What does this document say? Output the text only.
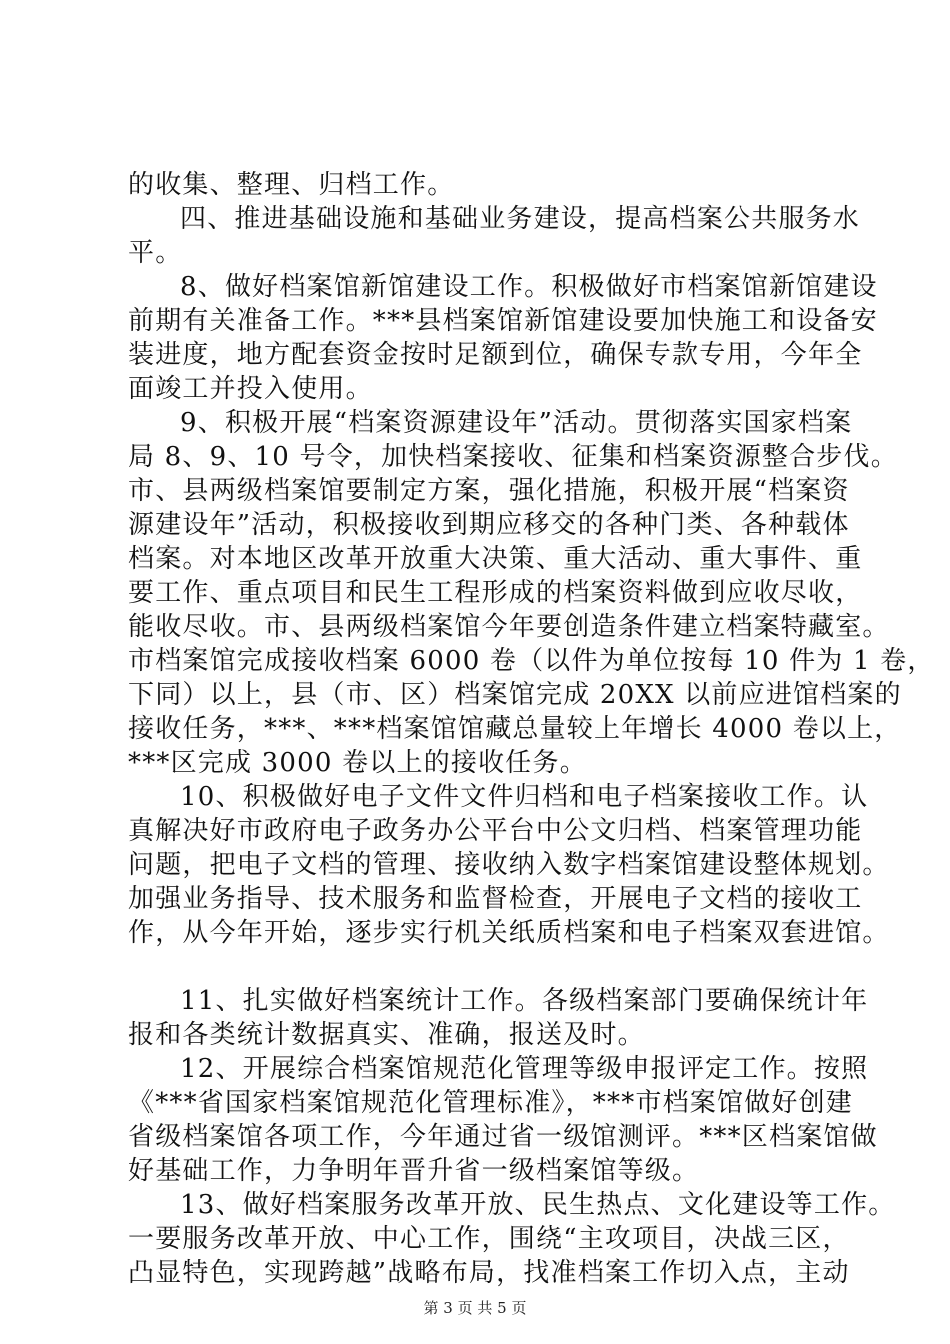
的收集、整理、归档工作。
四、推进基础设施和基础业务建设，提高档案公共服务水
平。
8、做好档案馆新馆建设工作。积极做好市档案馆新馆建设
前期有关准备工作。***县档案馆新馆建设要加快施工和设备安
装进度，地方配套资金按时足额到位，确保专款专用，今年全
面竣工并投入使用。
9、积极开展“档案资源建设年”活动。贯彻落实国家档案
局 8、9、10 号令，加快档案接收、征集和档案资源整合步伐。
市、县两级档案馆要制定方案，强化措施，积极开展“档案资
源建设年”活动，积极接收到期应移交的各种门类、各种载体
档案。对本地区改革开放重大决策、重大活动、重大事件、重
要工作、重点项目和民生工程形成的档案资料做到应收尽收，
能收尽收。市、县两级档案馆今年要创造条件建立档案特藏室。
市档案馆完成接收档案 6000 卷（以件为单位按每 10 件为 1 卷，
下同）以上，县（市、区）档案馆完成 20XX 以前应进馆档案的
接收任务，***、***档案馆馆藏总量较上年增长 4000 卷以上，
***区完成 3000 卷以上的接收任务。
10、积极做好电子文件文件归档和电子档案接收工作。认
真解决好市政府电子政务办公平台中公文归档、档案管理功能
问题，把电子文档的管理、接收纳入数字档案馆建设整体规划。
加强业务指导、技术服务和监督检查，开展电子文档的接收工
作，从今年开始，逐步实行机关纸质档案和电子档案双套进馆。
11、扎实做好档案统计工作。各级档案部门要确保统计年
报和各类统计数据真实、准确，报送及时。
12、开展综合档案馆规范化管理等级申报评定工作。按照
《***省国家档案馆规范化管理标准》，***市档案馆做好创建
省级档案馆各项工作，今年通过省一级馆测评。***区档案馆做
好基础工作，力争明年晋升省一级档案馆等级。
13、做好档案服务改革开放、民生热点、文化建设等工作。
一要服务改革开放、中心工作，围绕“主攻项目，决战三区，
凸显特色，实现跨越”战略布局，找准档案工作切入点，主动
第 3 页 共 5 页
